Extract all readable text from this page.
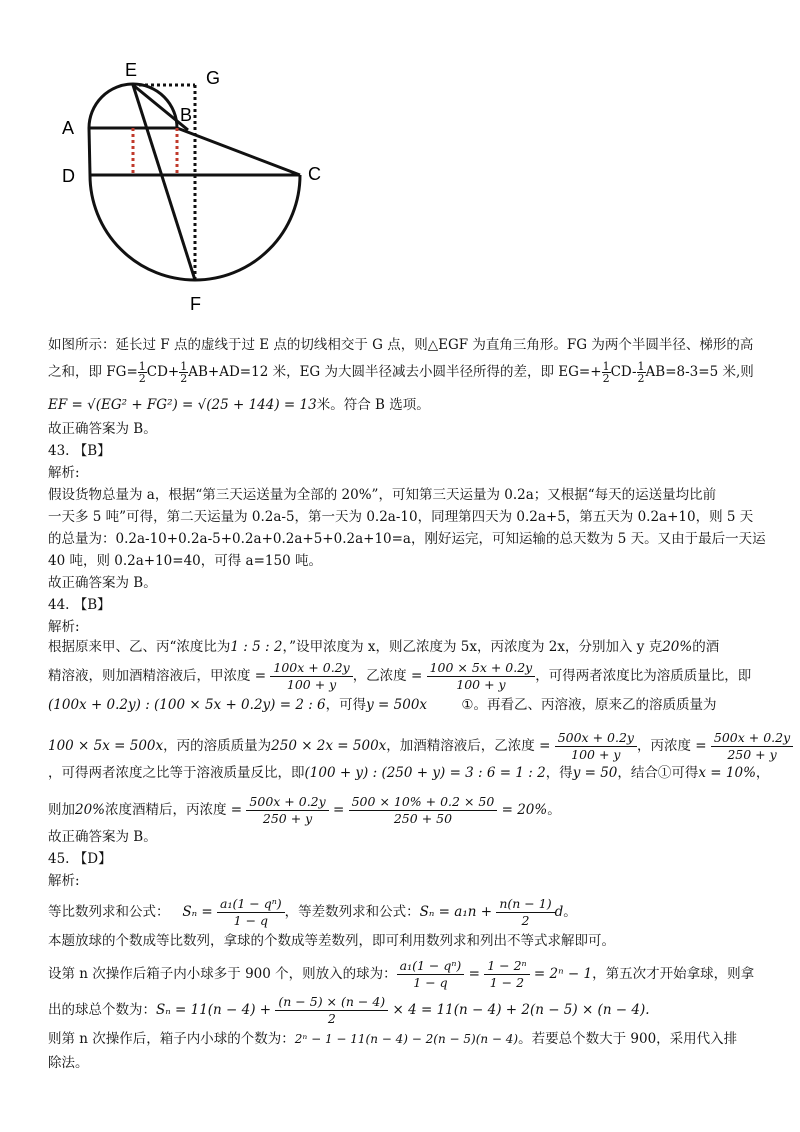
E	G
A
B
D	C
F
如图所示：延长过 F 点的虚线于过 E 点的切线相交于 G 点，则△EGF 为直角三角形。FG 为两个半圆半径、梯形的高
之和，即 $FG= \frac{1}{2} CD+ \frac{1}{2} AB+AD=12$ 米，EG 为大圆半径减去小圆半径所得的差，即 $EG=+ \frac{1}{2} CD- \frac{1}{2} AB=8-3=5$ 米,则
EF = √(EG² + FG²) = √(25 + 144) = 13米。符合 B 选项。
故正确答案为 B。
43. 【B】
解析:
假设货物总量为 a，根据“第三天运送量为全部的 20%”，可知第三天运量为 0.2a；又根据“每天的运送量均比前
一天多 5 吨”可得，第二天运量为 0.2a-5，第一天为 0.2a-10，同理第四天为 0.2a+5，第五天为 0.2a+10，则 5 天
的总量为：0.2a-10+0.2a-5+0.2a+0.2a+5+0.2a+10=a，刚好运完，可知运输的总天数为 5 天。又由于最后一天运
40 吨，则 0.2a+10=40，可得 a=150 吨。
故正确答案为 B。
44. 【B】
解析:
根据原来甲、乙、丙“浓度比为1 : 5 : 2，”设甲浓度为 x，则乙浓度为 5x，丙浓度为 2x，分别加入 y 克20%的酒
精溶液，则加酒精溶液后，甲浓度 = $\frac{100x + 0.2y}{100 + y}$ ，乙浓度 = $\frac{100 \times 5x + 0.2y}{100 + y}$ ，可得两者浓度比为溶质质量比，即
(100x + 0.2y) : (100 × 5x + 0.2y) = 2 : 6，可得y = 500x	①。再看乙、丙溶液，原来乙的溶质质量为
100 × 5x = 500x，丙的溶质质量为250 × 2x = 500x，加酒精溶液后，乙浓度 = $\frac{500x + 0.2y}{100 + y}$ ，丙浓度 = $\frac{500x + 0.2y}{250 + y}$
，可得两者浓度之比等于溶液质量反比，即(100 + y) : (250 + y) = 3 : 6 = 1 : 2，得y = 50，结合①可得x = 10%，
则加20%浓度酒精后，丙浓度 = $\frac{500x + 0.2y}{250 + y} = \frac{500 \times 10\% + 0.2 \times 50}{250 + 50} = 20\%$。
故正确答案为 B。
45. 【D】
解析:
等比数列求和公式： $S_n = \frac{\text{a₁(1 − qⁿ)}}{1 - q}$ ，等差数列求和公式：$S_n = a_1n + \frac{n(n - 1)}{2}$ d。
本题放球的个数成等比数列，拿球的个数成等差数列，即可利用数列求和列出不等式求解即可。
设第 n 次操作后箱子内小球多于 900 个，则放入的球为： $\frac{\text{a₁(1 − qⁿ)}}{1 - q} = \frac{\text{1 − 2ⁿ}}{1 - 2} = 2^n - 1$，第五次才开始拿球，则拿
出的球总个数为：$S_n = 11(n - 4) + \frac{(n - 5) \times (n - 4)}{2} \times 4 = 11(n - 4) + 2(n - 5) \times (n - 4)$.
则第 n 次操作后，箱子内小球的个数为：2ⁿ − 1 − 11(n − 4) − 2(n − 5)(n − 4)。若要总个数大于 900，采用代入排
除法。
